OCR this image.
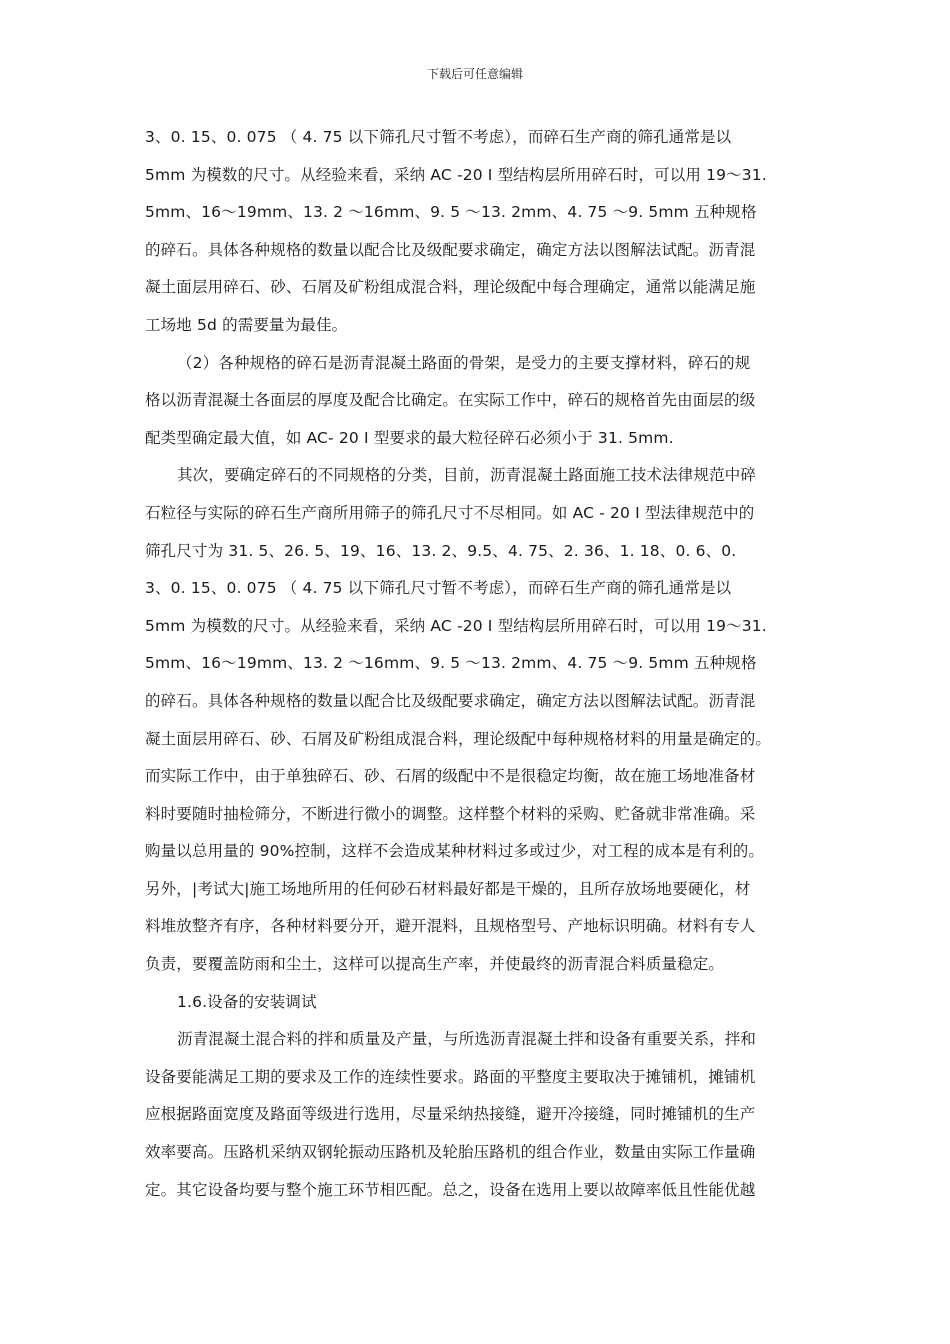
下载后可任意编辑
3、0. 15、0. 075 （ 4. 75 以下筛孔尺寸暂不考虑），而碎石生产商的筛孔通常是以
5mm 为模数的尺寸。从经验来看，采纳 AC -20 I 型结构层所用碎石时，可以用 19～31.
5mm、16～19mm、13. 2 ～16mm、9. 5 ～13. 2mm、4. 75 ～9. 5mm 五种规格
的碎石。具体各种规格的数量以配合比及级配要求确定，确定方法以图解法试配。沥青混
凝土面层用碎石、砂、石屑及矿粉组成混合料，理论级配中每合理确定，通常以能满足施
工场地 5d 的需要量为最佳。
（2）各种规格的碎石是沥青混凝土路面的骨架，是受力的主要支撑材料，碎石的规
格以沥青混凝土各面层的厚度及配合比确定。在实际工作中，碎石的规格首先由面层的级
配类型确定最大值，如 AC- 20 I 型要求的最大粒径碎石必须小于 31. 5mm.
其次，要确定碎石的不同规格的分类，目前，沥青混凝土路面施工技术法律规范中碎
石粒径与实际的碎石生产商所用筛子的筛孔尺寸不尽相同。如 AC - 20 I 型法律规范中的
筛孔尺寸为 31. 5、26. 5、19、16、13. 2、9.5、4. 75、2. 36、1. 18、0. 6、0.
3、0. 15、0. 075 （ 4. 75 以下筛孔尺寸暂不考虑），而碎石生产商的筛孔通常是以
5mm 为模数的尺寸。从经验来看，采纳 AC -20 I 型结构层所用碎石时，可以用 19～31.
5mm、16～19mm、13. 2 ～16mm、9. 5 ～13. 2mm、4. 75 ～9. 5mm 五种规格
的碎石。具体各种规格的数量以配合比及级配要求确定，确定方法以图解法试配。沥青混
凝土面层用碎石、砂、石屑及矿粉组成混合料，理论级配中每种规格材料的用量是确定的。
而实际工作中，由于单独碎石、砂、石屑的级配中不是很稳定均衡，故在施工场地准备材
料时要随时抽检筛分，不断进行微小的调整。这样整个材料的采购、贮备就非常准确。采
购量以总用量的 90%控制，这样不会造成某种材料过多或过少，对工程的成本是有利的。
另外，|考试大|施工场地所用的任何砂石材料最好都是干燥的，且所存放场地要硬化，材
料堆放整齐有序，各种材料要分开，避开混料，且规格型号、产地标识明确。材料有专人
负责，要覆盖防雨和尘土，这样可以提高生产率，并使最终的沥青混合料质量稳定。
1.6.设备的安装调试
沥青混凝土混合料的拌和质量及产量，与所选沥青混凝土拌和设备有重要关系，拌和
设备要能满足工期的要求及工作的连续性要求。路面的平整度主要取决于摊铺机，摊铺机
应根据路面宽度及路面等级进行选用，尽量采纳热接缝，避开冷接缝，同时摊铺机的生产
效率要高。压路机采纳双钢轮振动压路机及轮胎压路机的组合作业，数量由实际工作量确
定。其它设备均要与整个施工环节相匹配。总之，设备在选用上要以故障率低且性能优越
